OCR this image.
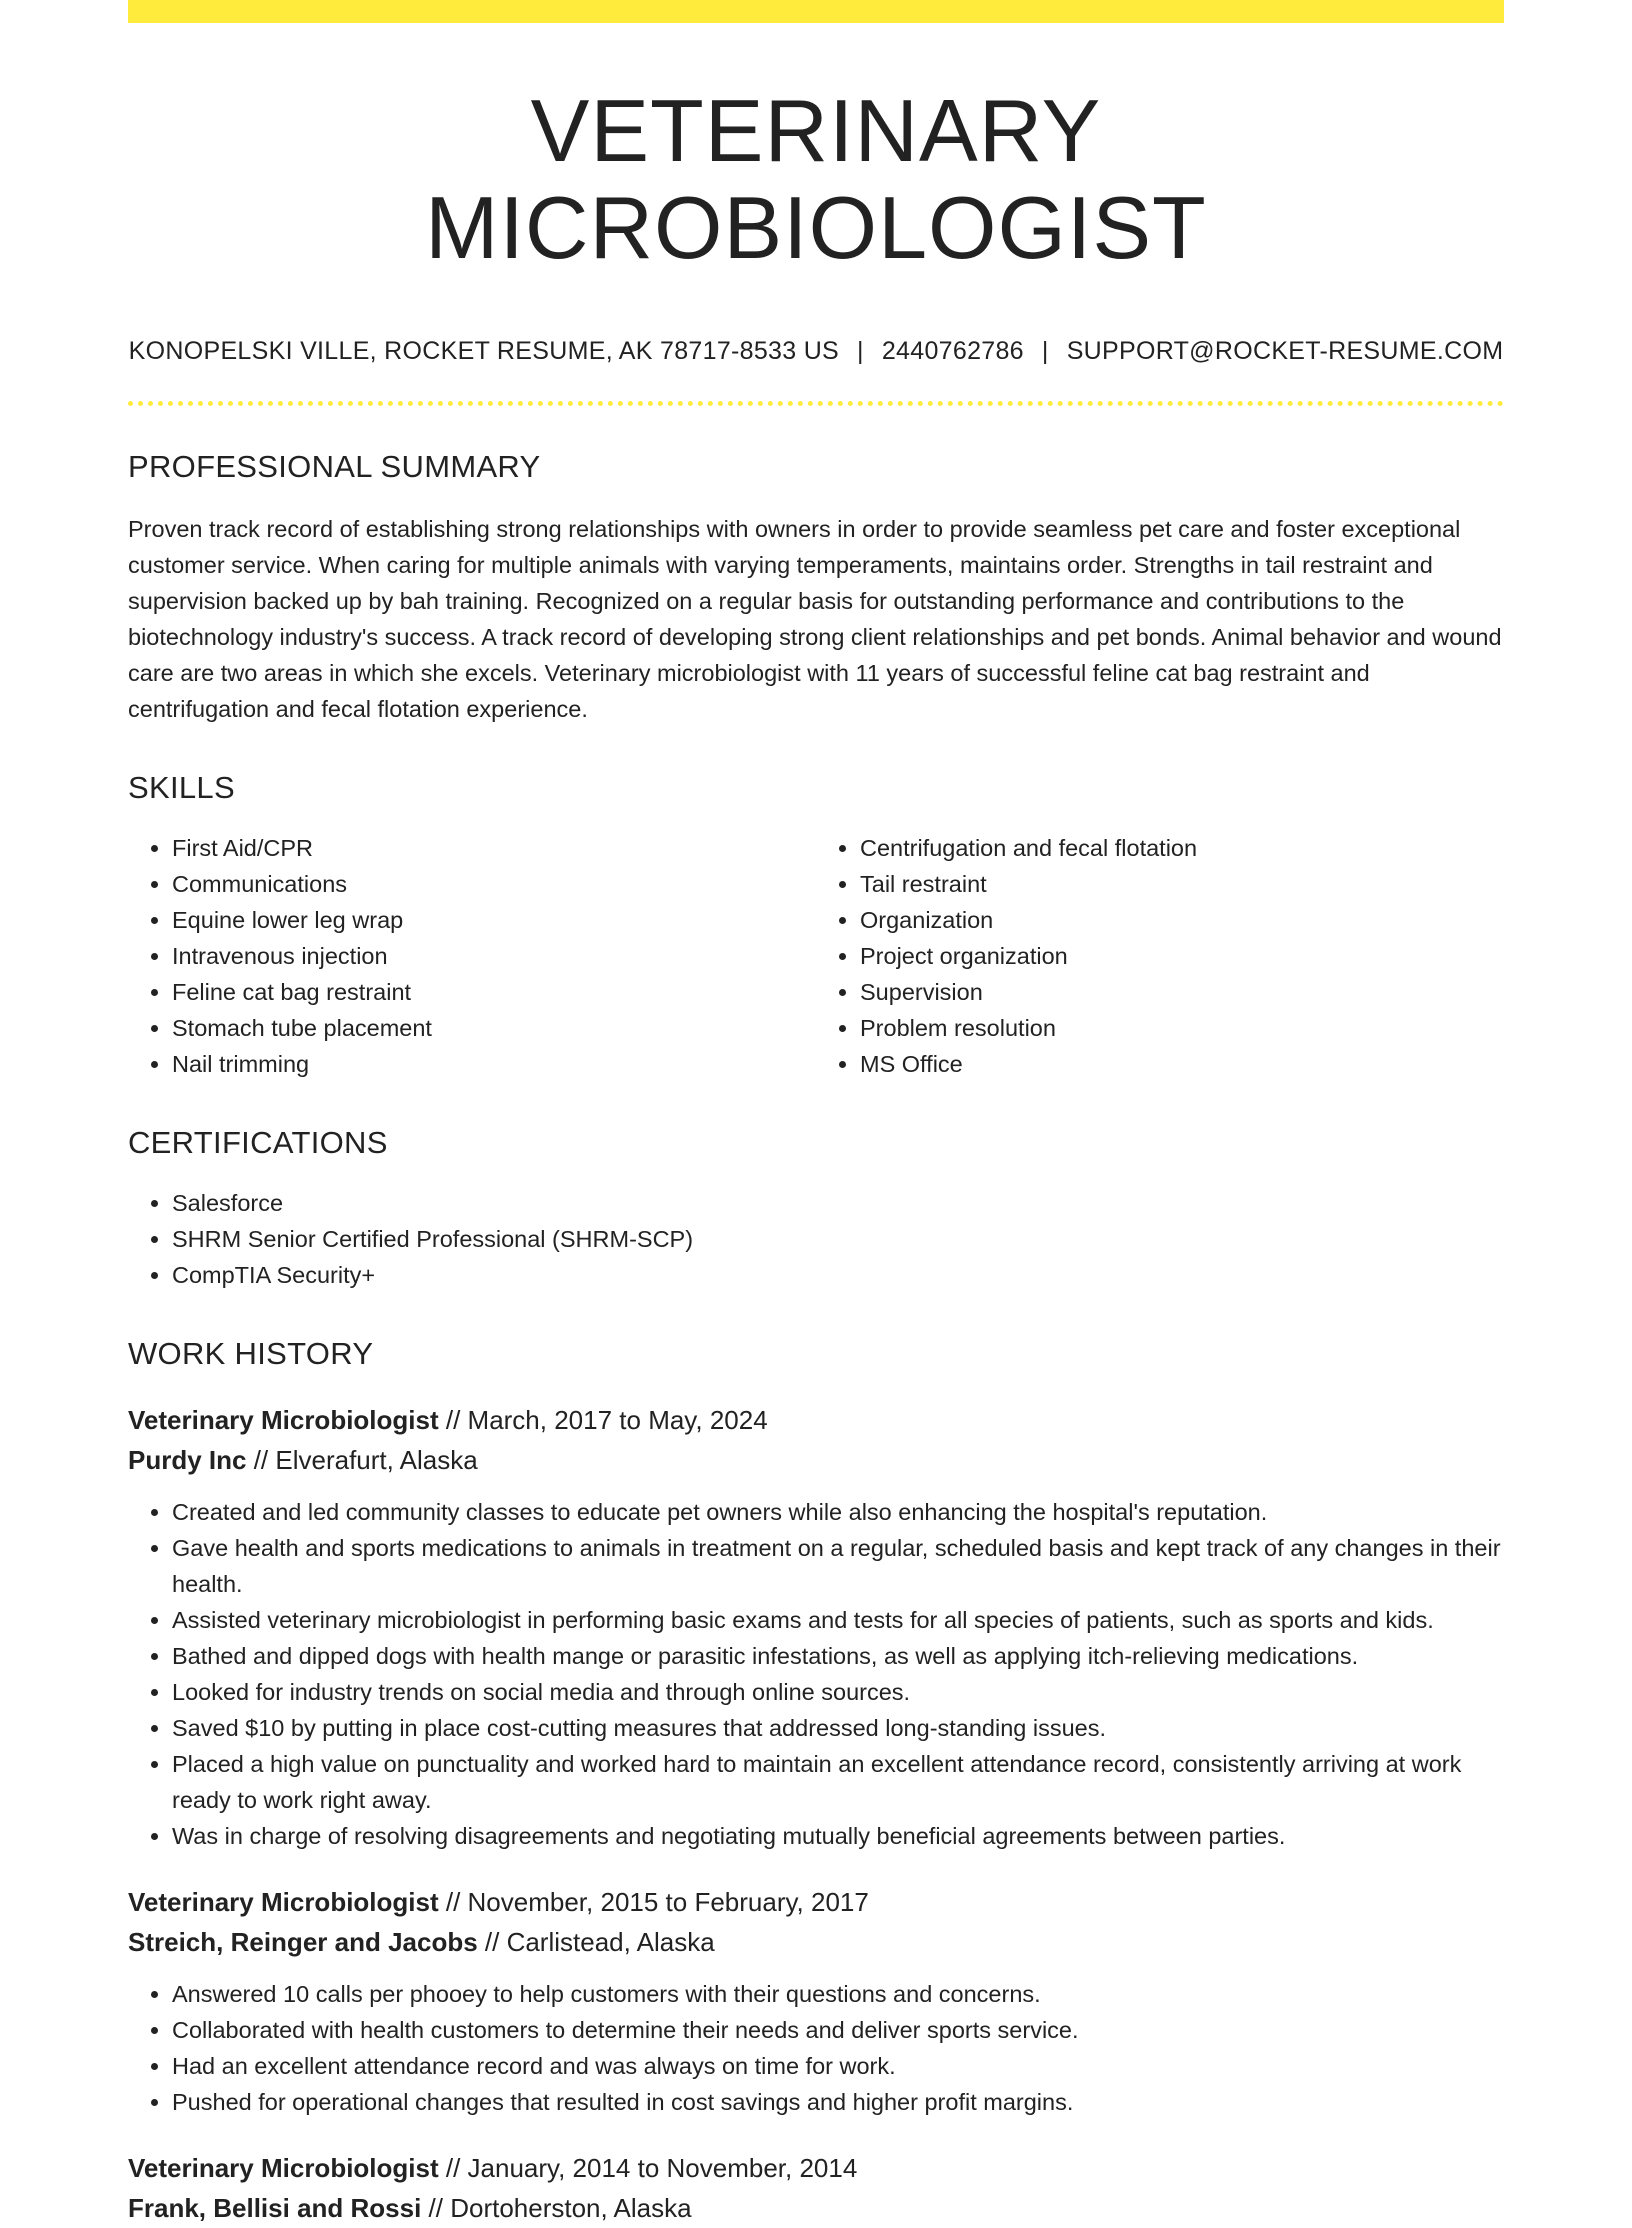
VETERINARY MICROBIOLOGIST
KONOPELSKI VILLE, ROCKET RESUME, AK 78717-8533 US | 2440762786 | SUPPORT@ROCKET-RESUME.COM
PROFESSIONAL SUMMARY

Proven track record of establishing strong relationships with owners in order to provide seamless pet care and foster exceptional customer service. When caring for multiple animals with varying temperaments, maintains order. Strengths in tail restraint and supervision backed up by bah training. Recognized on a regular basis for outstanding performance and contributions to the biotechnology industry's success. A track record of developing strong client relationships and pet bonds. Animal behavior and wound care are two areas in which she excels. Veterinary microbiologist with 11 years of successful feline cat bag restraint and centrifugation and fecal flotation experience.

SKILLS
• First Aid/CPR
• Communications
• Equine lower leg wrap
• Intravenous injection
• Feline cat bag restraint
• Stomach tube placement
• Nail trimming
• Centrifugation and fecal flotation
• Tail restraint
• Organization
• Project organization
• Supervision
• Problem resolution
• MS Office
CERTIFICATIONS
• Salesforce
• SHRM Senior Certified Professional (SHRM-SCP)
• CompTIA Security+
WORK HISTORY
Veterinary Microbiologist // March, 2017 to May, 2024
Purdy Inc // Elverafurt, Alaska
• Created and led community classes to educate pet owners while also enhancing the hospital's reputation.
• Gave health and sports medications to animals in treatment on a regular, scheduled basis and kept track of any changes in their health.
• Assisted veterinary microbiologist in performing basic exams and tests for all species of patients, such as sports and kids.
• Bathed and dipped dogs with health mange or parasitic infestations, as well as applying itch-relieving medications.
• Looked for industry trends on social media and through online sources.
• Saved $10 by putting in place cost-cutting measures that addressed long-standing issues.
• Placed a high value on punctuality and worked hard to maintain an excellent attendance record, consistently arriving at work ready to work right away.
• Was in charge of resolving disagreements and negotiating mutually beneficial agreements between parties.
Veterinary Microbiologist // November, 2015 to February, 2017
Streich, Reinger and Jacobs // Carlistead, Alaska
• Answered 10 calls per phooey to help customers with their questions and concerns.
• Collaborated with health customers to determine their needs and deliver sports service.
• Had an excellent attendance record and was always on time for work.
• Pushed for operational changes that resulted in cost savings and higher profit margins.
Veterinary Microbiologist // January, 2014 to November, 2014
Frank, Bellisi and Rossi // Dortoherston, Alaska
